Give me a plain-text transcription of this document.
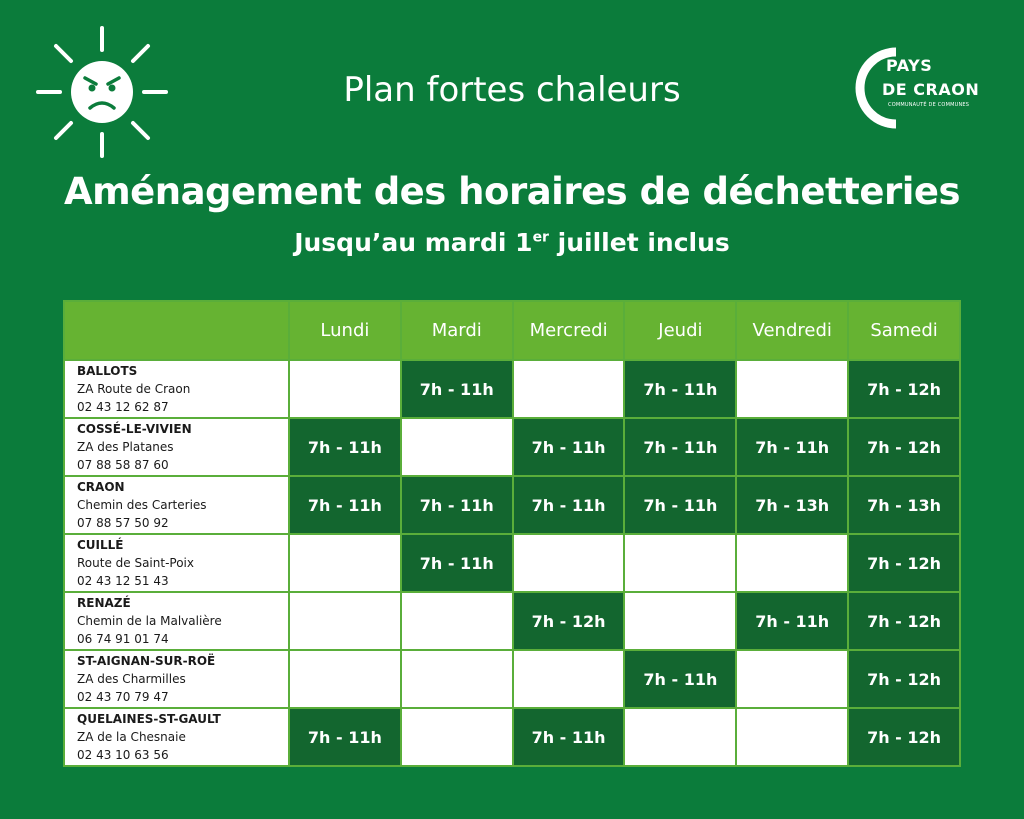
PAYS
DE CRAON
COMMUNAUTÉ DE COMMUNES
Plan fortes chaleurs
Aménagement des horaires de déchetteries
Jusqu’au mardi 1er juillet inclus
	Lundi	Mardi	Mercredi	Jeudi	Vendredi	Samedi

BALLOTS
ZA Route de Craon
02 43 12 62 87		7h - 11h		7h - 11h		7h - 12h

COSSÉ-LE-VIVIEN
ZA des Platanes
07 88 58 87 60	7h - 11h		7h - 11h	7h - 11h	7h - 11h	7h - 12h

CRAON
Chemin des Carteries
07 88 57 50 92	7h - 11h	7h - 11h	7h - 11h	7h - 11h	7h - 13h	7h - 13h

CUILLÉ
Route de Saint-Poix
02 43 12 51 43		7h - 11h				7h - 12h

RENAZÉ
Chemin de la Malvalière
06 74 91 01 74			7h - 12h		7h - 11h	7h - 12h

ST-AIGNAN-SUR-ROË
ZA des Charmilles
02 43 70 79 47				7h - 11h		7h - 12h

QUELAINES-ST-GAULT
ZA de la Chesnaie
02 43 10 63 56	7h - 11h		7h - 11h			7h - 12h
